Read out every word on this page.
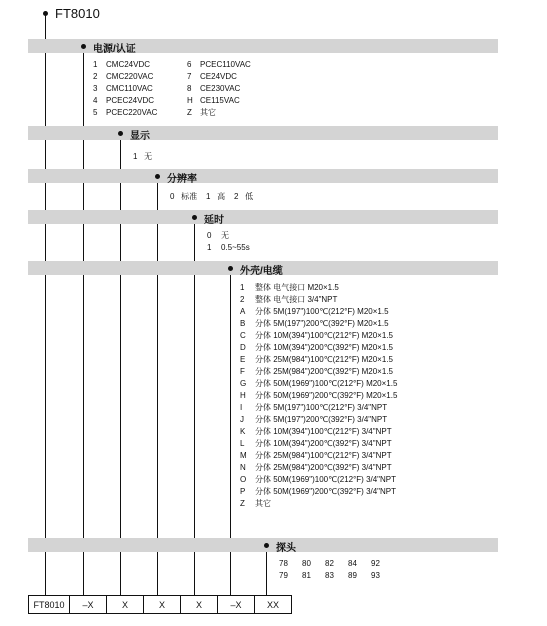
FT8010
电源/认证
1 CMC24VDC	6 PCEC110VAC
2 CMC220VAC	7 CE24VDC
3 CMC110VAC	8 CE230VAC
4 PCEC24VDC	H CE115VAC
5 PCEC220VAC	Z 其它
显示
1   无
分辨率
0   标准    1   高    2   低
延时
0 无
1 0.5~55s
外壳/电缆
1 整体 电气接口 M20×1.5
2 整体 电气接口 3/4"NPT
A 分体 5M(197")100℃(212°F) M20×1.5
B 分体 5M(197")200℃(392°F) M20×1.5
C 分体 10M(394")100℃(212°F) M20×1.5
D 分体 10M(394")200℃(392°F) M20×1.5
E 分体 25M(984")100℃(212°F) M20×1.5
F 分体 25M(984")200℃(392°F) M20×1.5
G 分体 50M(1969")100℃(212°F) M20×1.5
H 分体 50M(1969")200℃(392°F) M20×1.5
I 分体 5M(197")100℃(212°F) 3/4"NPT
J 分体 5M(197")200℃(392°F) 3/4"NPT
K 分体 10M(394")100℃(212°F) 3/4"NPT
L 分体 10M(394")200℃(392°F) 3/4"NPT
M 分体 25M(984")100℃(212°F) 3/4"NPT
N 分体 25M(984")200℃(392°F) 3/4"NPT
O 分体 50M(1969")100℃(212°F) 3/4"NPT
P 分体 50M(1969")200℃(392°F) 3/4"NPT
Z 其它
探头
78 80 82 84 92
79 81 83 89 93
FT8010	–X	X	X	X	–X	XX
